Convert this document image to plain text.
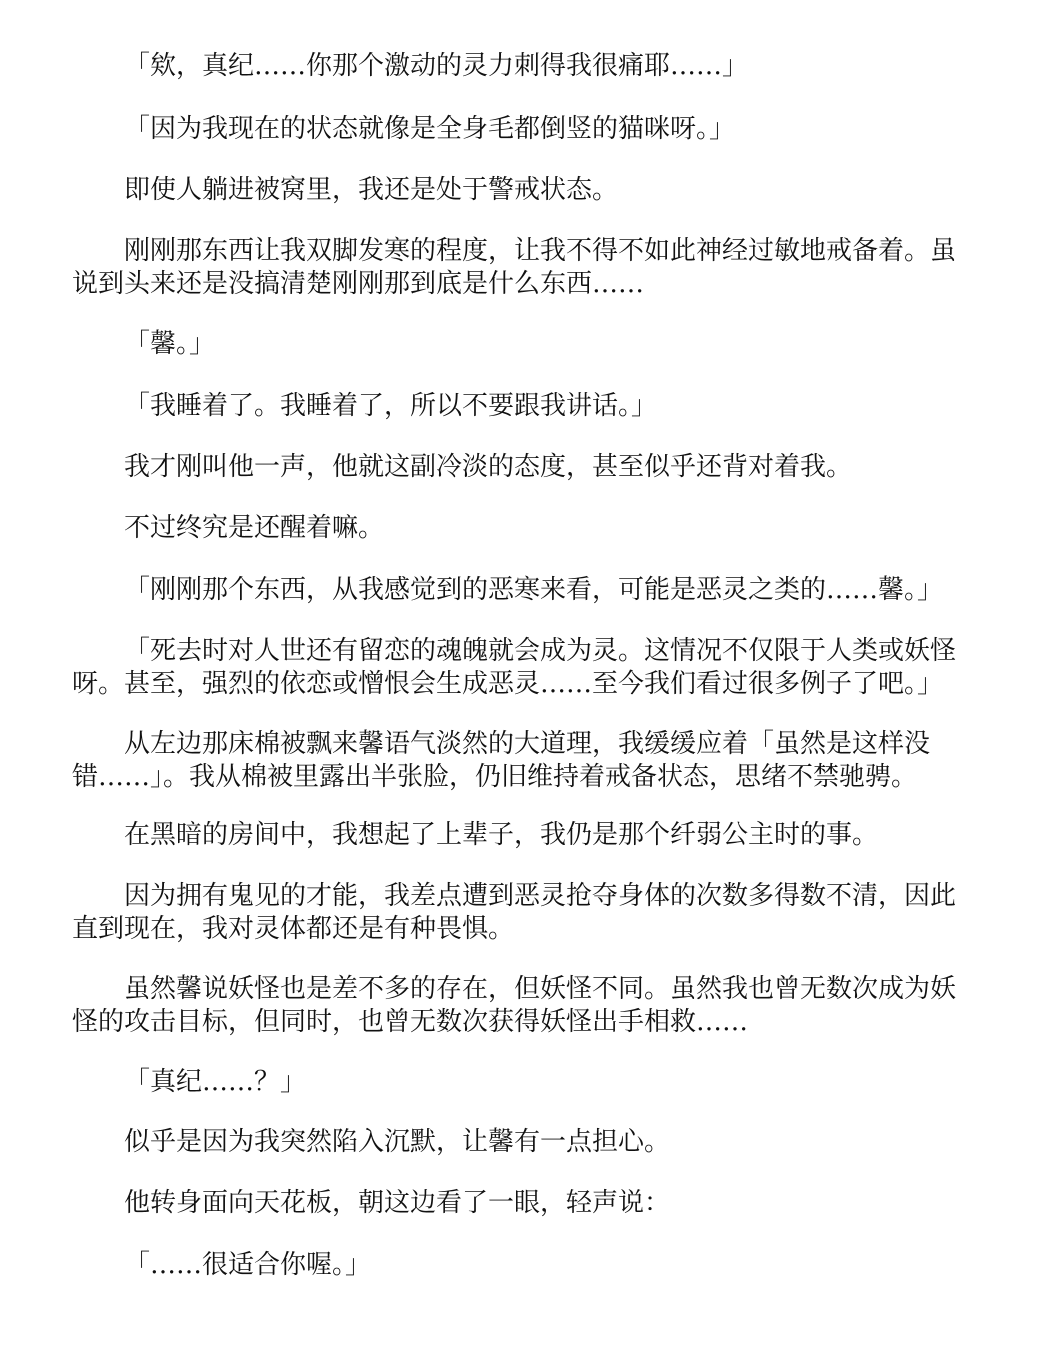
「欸，真纪……你那个激动的灵力刺得我很痛耶……」

「因为我现在的状态就像是全身毛都倒竖的猫咪呀。」

即使人躺进被窝里，我还是处于警戒状态。

刚刚那东西让我双脚发寒的程度，让我不得不如此神经过敏地戒备着。虽说到头来还是没搞清楚刚刚那到底是什么东西……

「馨。」

「我睡着了。我睡着了，所以不要跟我讲话。」

我才刚叫他一声，他就这副冷淡的态度，甚至似乎还背对着我。

不过终究是还醒着嘛。

「刚刚那个东西，从我感觉到的恶寒来看，可能是恶灵之类的……馨。」

「死去时对人世还有留恋的魂魄就会成为灵。这情况不仅限于人类或妖怪呀。甚至，强烈的依恋或憎恨会生成恶灵……至今我们看过很多例子了吧。」

从左边那床棉被飘来馨语气淡然的大道理，我缓缓应着「虽然是这样没错……」。我从棉被里露出半张脸，仍旧维持着戒备状态，思绪不禁驰骋。

在黑暗的房间中，我想起了上辈子，我仍是那个纤弱公主时的事。

因为拥有鬼见的才能，我差点遭到恶灵抢夺身体的次数多得数不清，因此直到现在，我对灵体都还是有种畏惧。

虽然馨说妖怪也是差不多的存在，但妖怪不同。虽然我也曾无数次成为妖怪的攻击目标，但同时，也曾无数次获得妖怪出手相救……

「真纪……？」

似乎是因为我突然陷入沉默，让馨有一点担心。

他转身面向天花板，朝这边看了一眼，轻声说：

「……很适合你喔。」
